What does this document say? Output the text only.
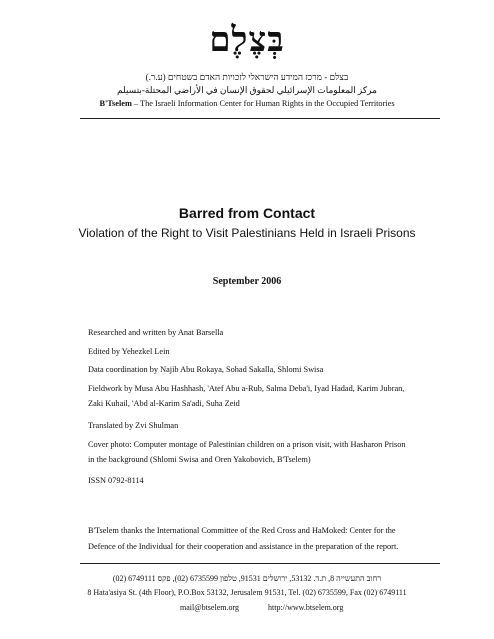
בְּצֶלֶם
בצלם - מרכז המידע הישראלי לזכויות האדם בשטחים (ע.ר.)
مركز المعلومات الإسرائيلي لحقوق الإنسان في الأراضي المحتلة-بتسيلم
B'Tselem – The Israeli Information Center for Human Rights in the Occupied Territories
Barred from Contact
Violation of the Right to Visit Palestinians Held in Israeli Prisons
September 2006
Researched and written by Anat Barsella
Edited by Yehezkel Lein
Data coordination by Najib Abu Rokaya, Sohad Sakalla, Shlomi Swisa
Fieldwork by Musa Abu Hashhash, 'Atef Abu a-Rub, Salma Deba'i, Iyad Hadad, Karim Jubran, Zaki Kuhail, 'Abd al-Karim Sa'adi, Suha Zeid
Translated by Zvi Shulman
Cover photo: Computer montage of Palestinian children on a prison visit, with Hasharon Prison in the background (Shlomi Swisa and Oren Yakobovich, B'Tselem)
ISSN 0792-8114
B'Tselem thanks the International Committee of the Red Cross and HaMoked: Center for the Defence of the Individual for their cooperation and assistance in the preparation of the report.
רחוב התעשייה 8, ת.ד. 53132, ירושלים 91531, טלפון 6735599 (02), פקס 6749111 (02)
8 Hata'asiya St. (4th Floor), P.O.Box 53132, Jerusalem 91531, Tel. (02) 6735599, Fax (02) 6749111
mail@btselem.org	http://www.btselem.org
